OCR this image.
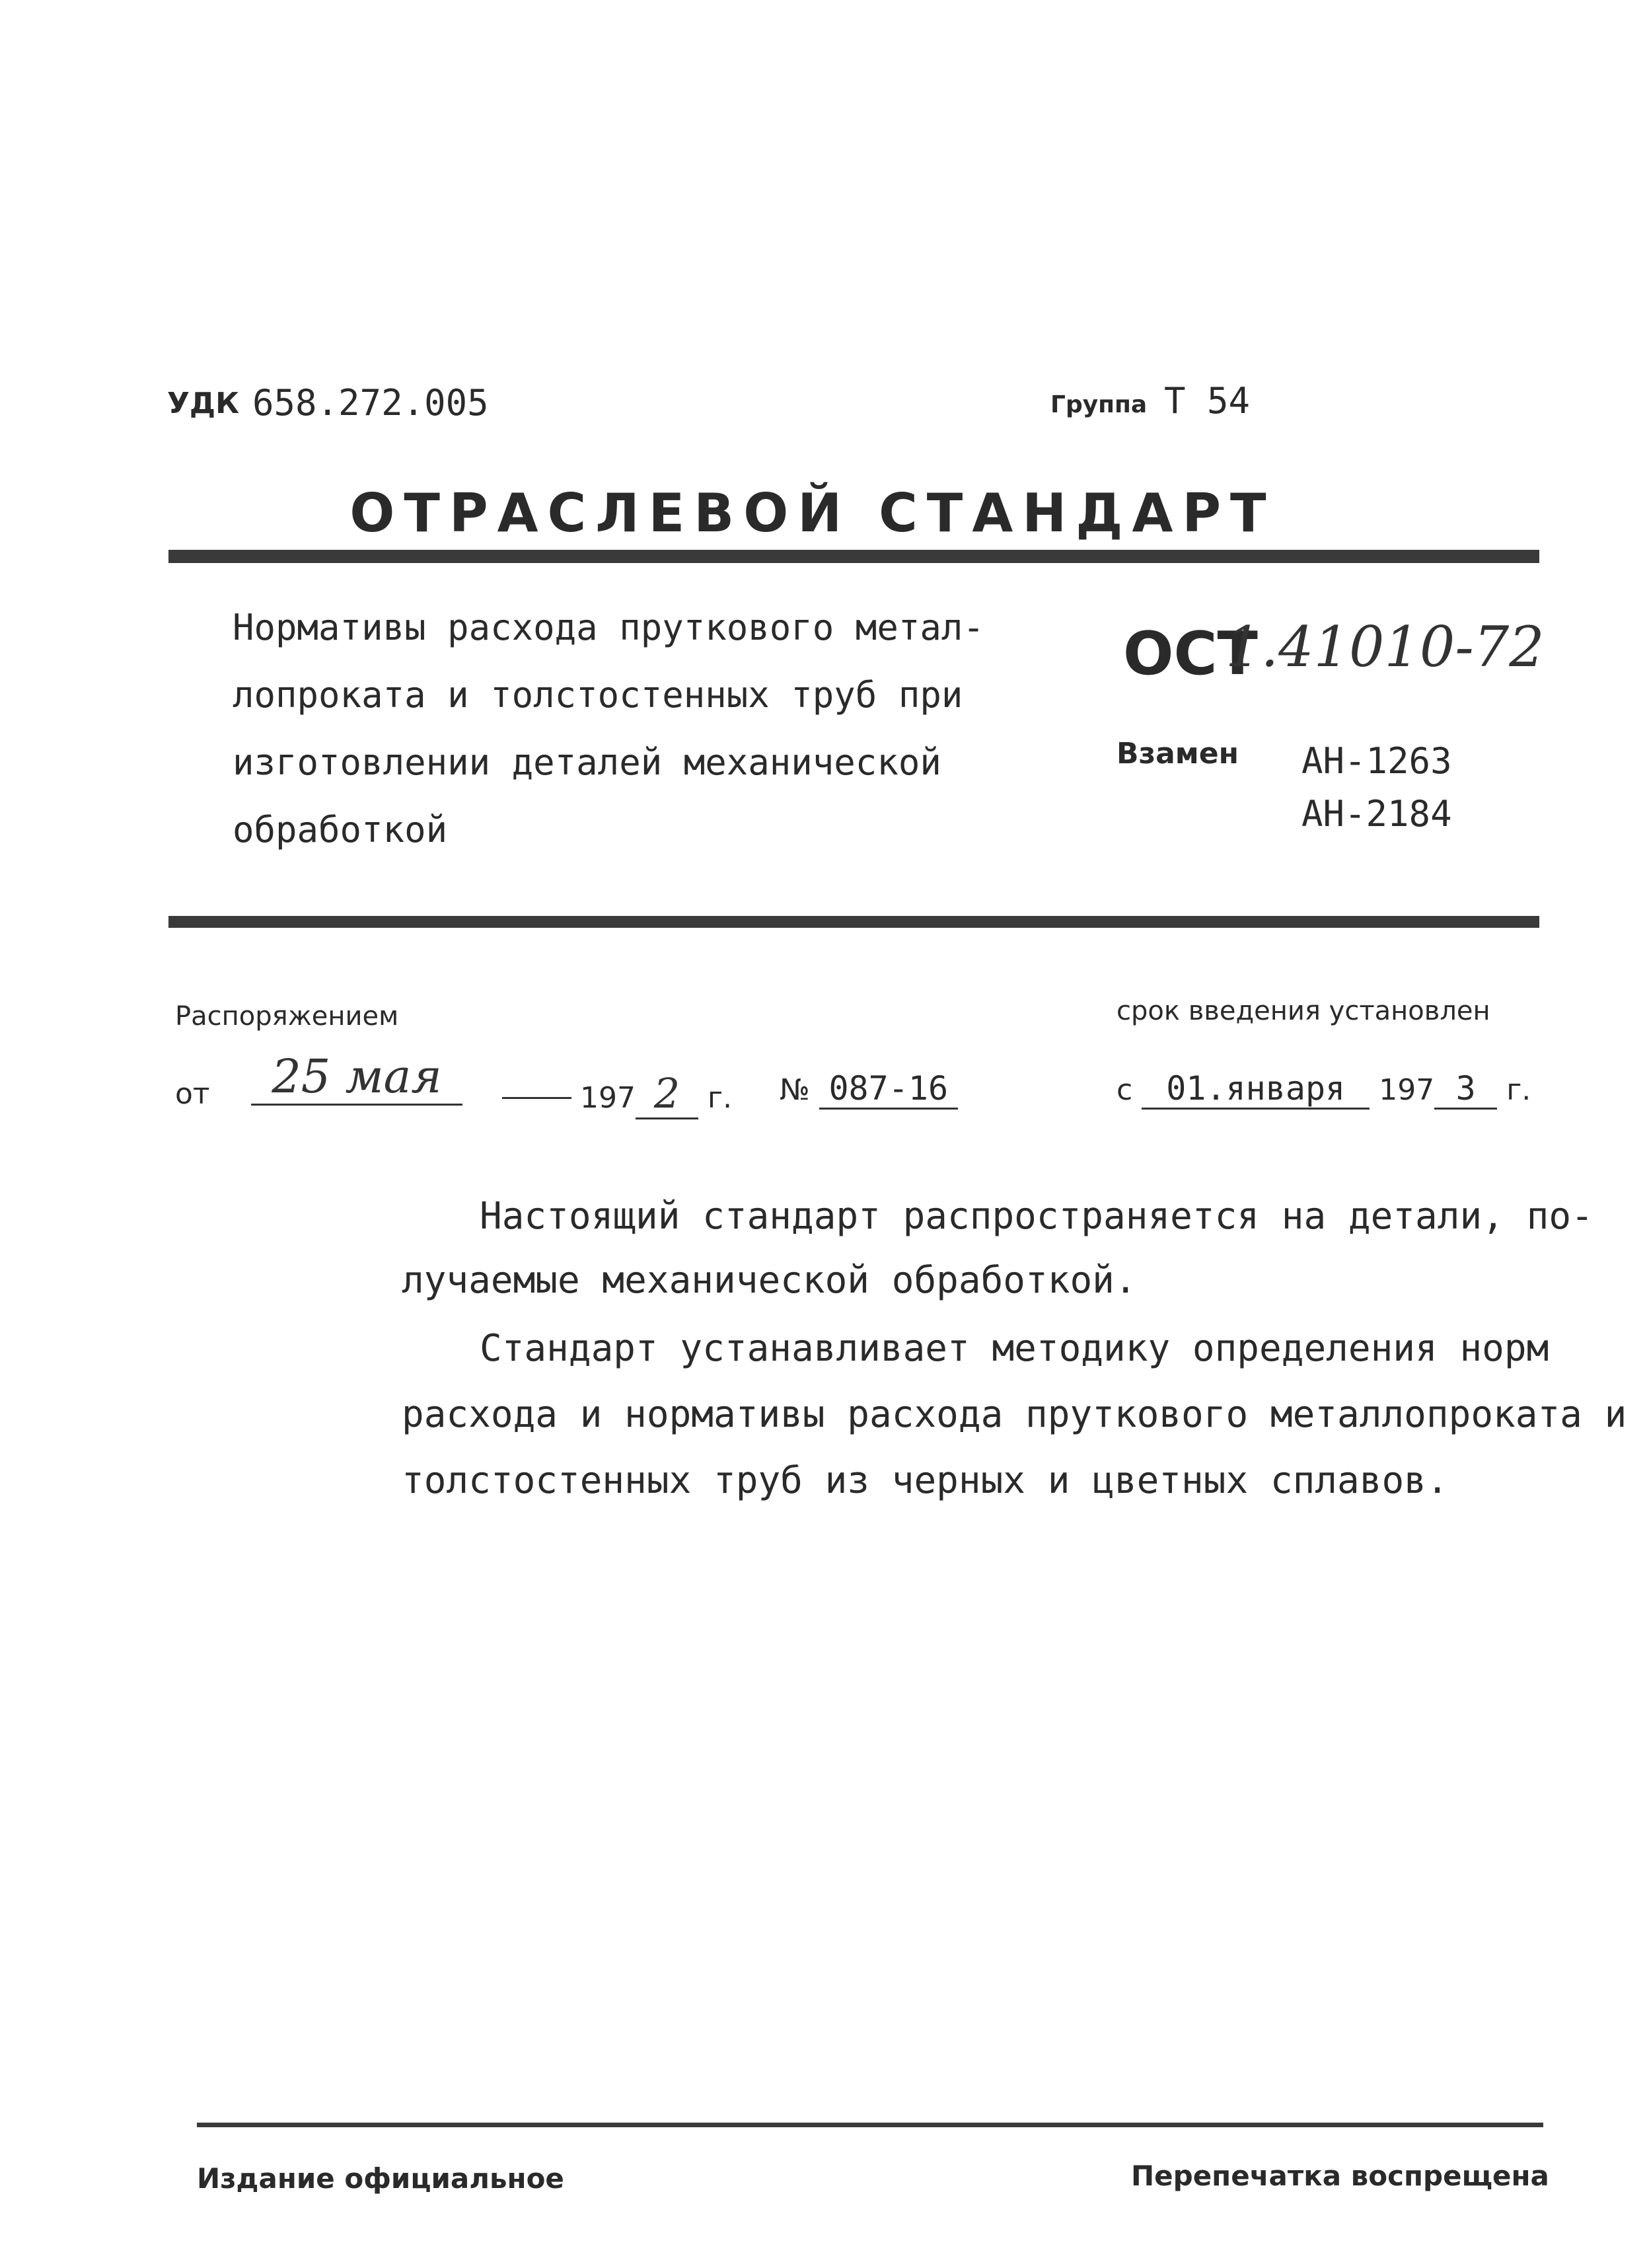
УДК 658.272.005	Группа Т 54
ОТРАСЛЕВОЙ СТАНДАРТ
Нормативы расхода пруткового метал-
лопроката и толстостенных труб при
изготовлении деталей механической
обработкой
ОСТ
1.41010-72
Взамен АН-1263
АН-2184
Распоряжением
от	25 мая	197 2 г. № 087-16
срок введения установлен
с 01.января 197 3 г.
Настоящий стандарт распространяется на детали, по-
лучаемые механической обработкой.
Стандарт устанавливает методику определения норм
расхода и нормативы расхода пруткового металлопроката и
толстостенных труб из черных и цветных сплавов.
Издание официальное	Перепечатка воспрещена
